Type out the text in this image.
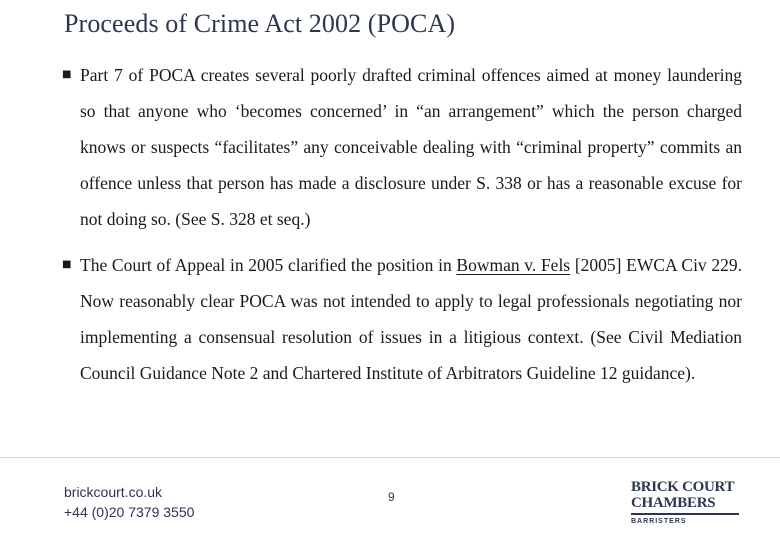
Proceeds of Crime Act 2002 (POCA)
■ Part 7 of POCA creates several poorly drafted criminal offences aimed at money laundering so that anyone who ‘becomes concerned’ in “an arrangement” which the person charged knows or suspects “facilitates” any conceivable dealing with “criminal property” commits an offence unless that person has made a disclosure under S. 338 or has a reasonable excuse for not doing so. (See S. 328 et seq.)
■ The Court of Appeal in 2005 clarified the position in Bowman v. Fels [2005] EWCA Civ 229. Now reasonably clear POCA was not intended to apply to legal professionals negotiating nor implementing a consensual resolution of issues in a litigious context. (See Civil Mediation Council Guidance Note 2 and Chartered Institute of Arbitrators Guideline 12 guidance).
brickcourt.co.uk
+44 (0)20 7379 3550
9
BRICK COURT
CHAMBERS
BARRISTERS
